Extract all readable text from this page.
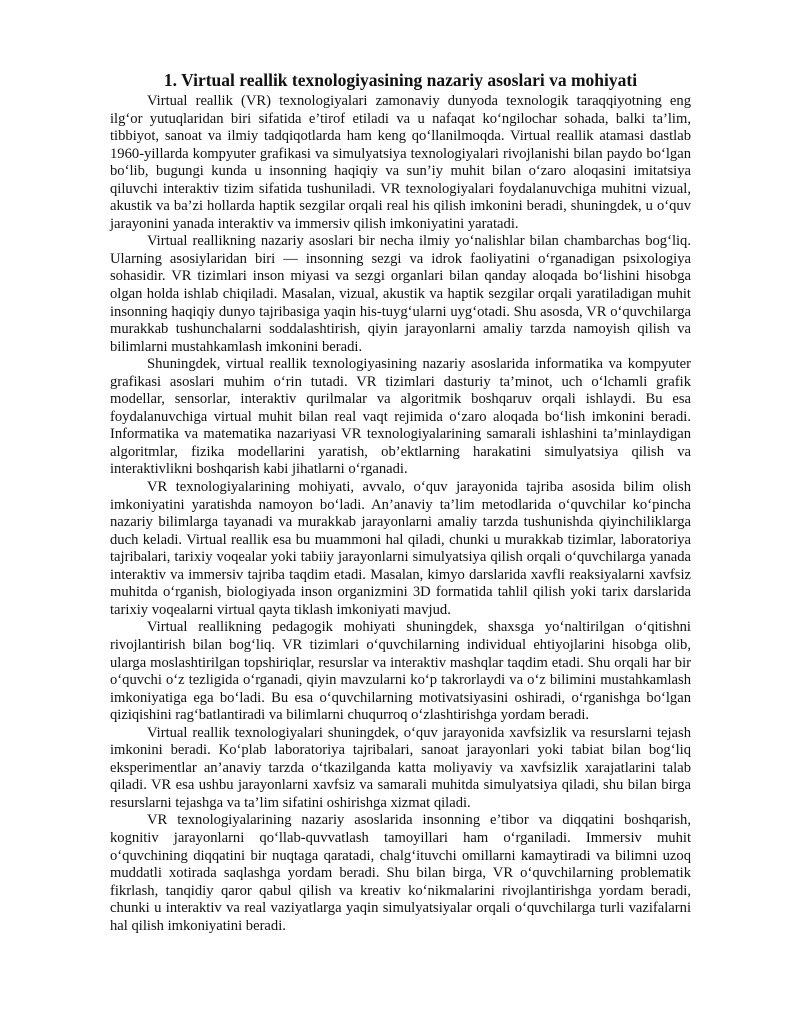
1. Virtual reallik texnologiyasining nazariy asoslari va mohiyati

Virtual reallik (VR) texnologiyalari zamonaviy dunyoda texnologik taraqqiyotning eng ilg‘or yutuqlaridan biri sifatida e’tirof etiladi va u nafaqat ko‘ngilochar sohada, balki ta’lim, tibbiyot, sanoat va ilmiy tadqiqotlarda ham keng qo‘llanilmoqda. Virtual reallik atamasi dastlab 1960-yillarda kompyuter grafikasi va simulyatsiya texnologiyalari rivojlanishi bilan paydo bo‘lgan bo‘lib, bugungi kunda u insonning haqiqiy va sun’iy muhit bilan o‘zaro aloqasini imitatsiya qiluvchi interaktiv tizim sifatida tushuniladi. VR texnologiyalari foydalanuvchiga muhitni vizual, akustik va ba’zi hollarda haptik sezgilar orqali real his qilish imkonini beradi, shuningdek, u o‘quv jarayonini yanada interaktiv va immersiv qilish imkoniyatini yaratadi.

Virtual reallikning nazariy asoslari bir necha ilmiy yo‘nalishlar bilan chambarchas bog‘liq. Ularning asosiylaridan biri — insonning sezgi va idrok faoliyatini o‘rganadigan psixologiya sohasidir. VR tizimlari inson miyasi va sezgi organlari bilan qanday aloqada bo‘lishini hisobga olgan holda ishlab chiqiladi. Masalan, vizual, akustik va haptik sezgilar orqali yaratiladigan muhit insonning haqiqiy dunyo tajribasiga yaqin his-tuyg‘ularni uyg‘otadi. Shu asosda, VR o‘quvchilarga murakkab tushunchalarni soddalashtirish, qiyin jarayonlarni amaliy tarzda namoyish qilish va bilimlarni mustahkamlash imkonini beradi.

Shuningdek, virtual reallik texnologiyasining nazariy asoslarida informatika va kompyuter grafikasi asoslari muhim o‘rin tutadi. VR tizimlari dasturiy ta’minot, uch o‘lchamli grafik modellar, sensorlar, interaktiv qurilmalar va algoritmik boshqaruv orqali ishlaydi. Bu esa foydalanuvchiga virtual muhit bilan real vaqt rejimida o‘zaro aloqada bo‘lish imkonini beradi. Informatika va matematika nazariyasi VR texnologiyalarining samarali ishlashini ta’minlaydigan algoritmlar, fizika modellarini yaratish, ob’ektlarning harakatini simulyatsiya qilish va interaktivlikni boshqarish kabi jihatlarni o‘rganadi.

VR texnologiyalarining mohiyati, avvalo, o‘quv jarayonida tajriba asosida bilim olish imkoniyatini yaratishda namoyon bo‘ladi. An’anaviy ta’lim metodlarida o‘quvchilar ko‘pincha nazariy bilimlarga tayanadi va murakkab jarayonlarni amaliy tarzda tushunishda qiyinchiliklarga duch keladi. Virtual reallik esa bu muammoni hal qiladi, chunki u murakkab tizimlar, laboratoriya tajribalari, tarixiy voqealar yoki tabiiy jarayonlarni simulyatsiya qilish orqali o‘quvchilarga yanada interaktiv va immersiv tajriba taqdim etadi. Masalan, kimyo darslarida xavfli reaksiyalarni xavfsiz muhitda o‘rganish, biologiyada inson organizmini 3D formatida tahlil qilish yoki tarix darslarida tarixiy voqealarni virtual qayta tiklash imkoniyati mavjud.

Virtual reallikning pedagogik mohiyati shuningdek, shaxsga yo‘naltirilgan o‘qitishni rivojlantirish bilan bog‘liq. VR tizimlari o‘quvchilarning individual ehtiyojlarini hisobga olib, ularga moslashtirilgan topshiriqlar, resurslar va interaktiv mashqlar taqdim etadi. Shu orqali har bir o‘quvchi o‘z tezligida o‘rganadi, qiyin mavzularni ko‘p takrorlaydi va o‘z bilimini mustahkamlash imkoniyatiga ega bo‘ladi. Bu esa o‘quvchilarning motivatsiyasini oshiradi, o‘rganishga bo‘lgan qiziqishini rag‘batlantiradi va bilimlarni chuqurroq o‘zlashtirishga yordam beradi.

Virtual reallik texnologiyalari shuningdek, o‘quv jarayonida xavfsizlik va resurslarni tejash imkonini beradi. Ko‘plab laboratoriya tajribalari, sanoat jarayonlari yoki tabiat bilan bog‘liq eksperimentlar an’anaviy tarzda o‘tkazilganda katta moliyaviy va xavfsizlik xarajatlarini talab qiladi. VR esa ushbu jarayonlarni xavfsiz va samarali muhitda simulyatsiya qiladi, shu bilan birga resurslarni tejashga va ta’lim sifatini oshirishga xizmat qiladi.

VR texnologiyalarining nazariy asoslarida insonning e’tibor va diqqatini boshqarish, kognitiv jarayonlarni qo‘llab-quvvatlash tamoyillari ham o‘rganiladi. Immersiv muhit o‘quvchining diqqatini bir nuqtaga qaratadi, chalg‘ituvchi omillarni kamaytiradi va bilimni uzoq muddatli xotirada saqlashga yordam beradi. Shu bilan birga, VR o‘quvchilarning problematik fikrlash, tanqidiy qaror qabul qilish va kreativ ko‘nikmalarini rivojlantirishga yordam beradi, chunki u interaktiv va real vaziyatlarga yaqin simulyatsiyalar orqali o‘quvchilarga turli vazifalarni hal qilish imkoniyatini beradi.
